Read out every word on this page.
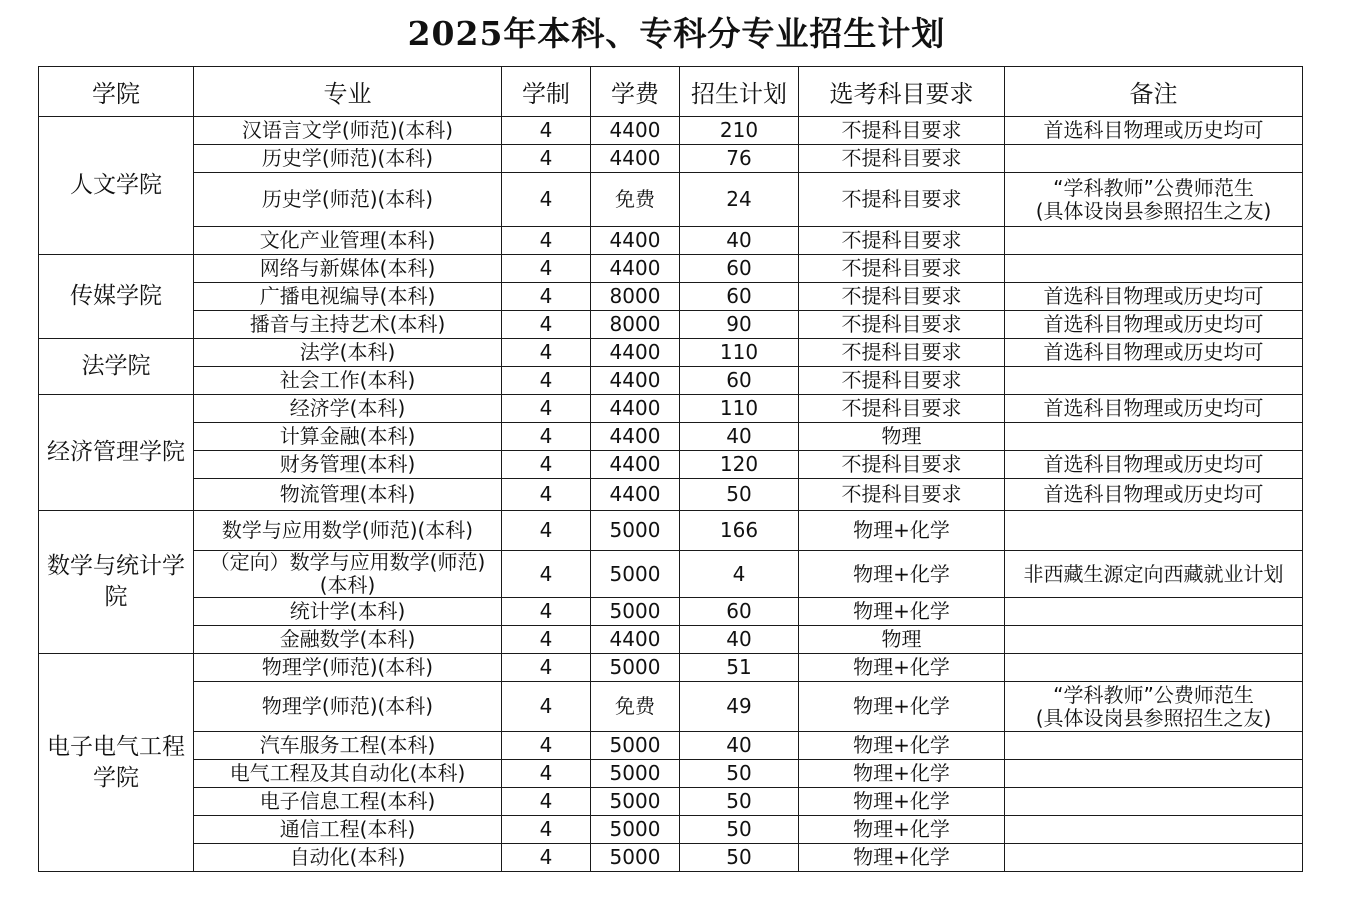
2025年本科、专科分专业招生计划
学院	专业	学制	学费	招生计划	选考科目要求	备注
人文学院	汉语言文学(师范)(本科)	4	4400	210	不提科目要求	首选科目物理或历史均可
	历史学(师范)(本科)	4	4400	76	不提科目要求	
	历史学(师范)(本科)	4	免费	24	不提科目要求	“学科教师”公费师范生
(具体设岗县参照招生之友)
	文化产业管理(本科)	4	4400	40	不提科目要求	
传媒学院	网络与新媒体(本科)	4	4400	60	不提科目要求	
	广播电视编导(本科)	4	8000	60	不提科目要求	首选科目物理或历史均可
	播音与主持艺术(本科)	4	8000	90	不提科目要求	首选科目物理或历史均可
法学院	法学(本科)	4	4400	110	不提科目要求	首选科目物理或历史均可
	社会工作(本科)	4	4400	60	不提科目要求	
经济管理学院	经济学(本科)	4	4400	110	不提科目要求	首选科目物理或历史均可
	计算金融(本科)	4	4400	40	物理	
	财务管理(本科)	4	4400	120	不提科目要求	首选科目物理或历史均可
	物流管理(本科)	4	4400	50	不提科目要求	首选科目物理或历史均可
数学与统计学院	数学与应用数学(师范)(本科)	4	5000	166	物理+化学	
	（定向）数学与应用数学(师范)(本科)	4	5000	4	物理+化学	非西藏生源定向西藏就业计划
	统计学(本科)	4	5000	60	物理+化学	
	金融数学(本科)	4	4400	40	物理	
电子电气工程学院	物理学(师范)(本科)	4	5000	51	物理+化学	
	物理学(师范)(本科)	4	免费	49	物理+化学	“学科教师”公费师范生
(具体设岗县参照招生之友)
	汽车服务工程(本科)	4	5000	40	物理+化学	
	电气工程及其自动化(本科)	4	5000	50	物理+化学	
	电子信息工程(本科)	4	5000	50	物理+化学	
	通信工程(本科)	4	5000	50	物理+化学	
	自动化(本科)	4	5000	50	物理+化学	
